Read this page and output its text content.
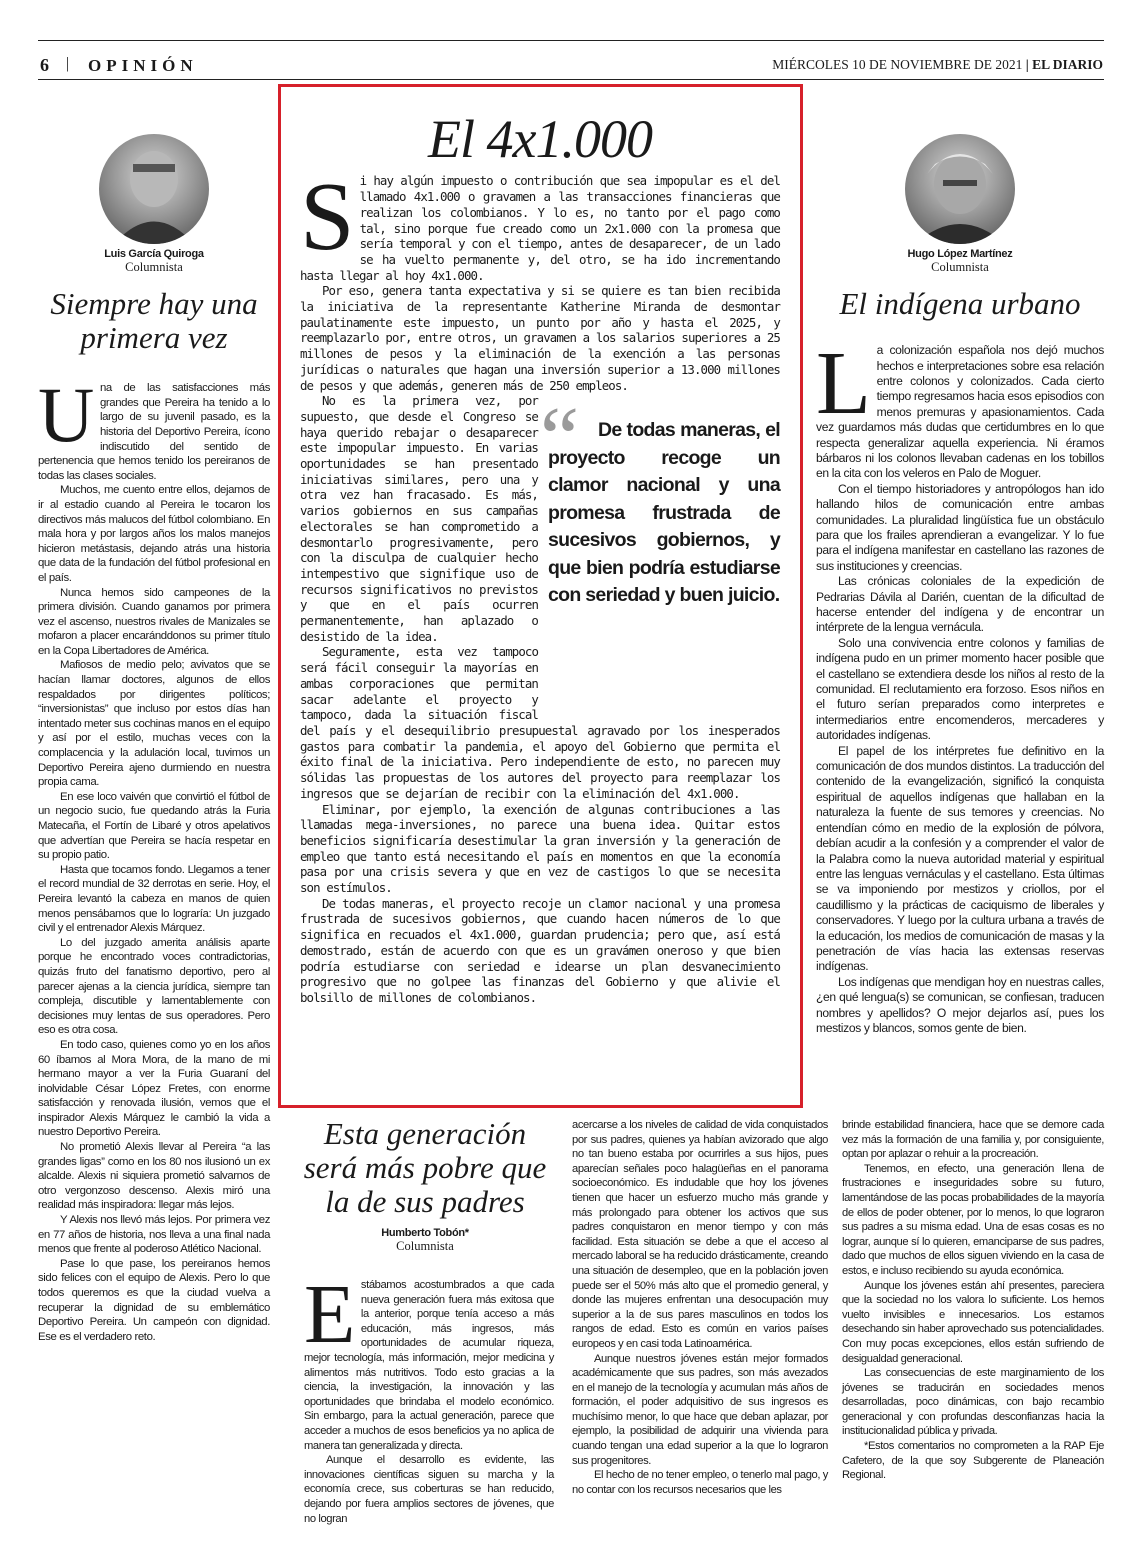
6 | OPINIÓN	MIÉRCOLES 10 DE NOVIEMBRE DE 2021 | EL DIARIO
Luis García Quiroga
Columnista
Siempre hay una primera vez

Una de las satisfacciones más grandes que Pereira ha tenido a lo largo de su juvenil pasado, es la historia del Deportivo Pereira, ícono indiscutido del sentido de pertenencia que hemos tenido los pereiranos de todas las clases sociales.

Muchos, me cuento entre ellos, dejamos de ir al estadio cuando al Pereira le tocaron los directivos más malucos del fútbol colombiano. En mala hora y por largos años los malos manejos hicieron metástasis, dejando atrás una historia que data de la fundación del fútbol profesional en el país.

Nunca hemos sido campeones de la primera división. Cuando ganamos por primera vez el ascenso, nuestros rivales de Manizales se mofaron a placer encaránddonos su primer título en la Copa Libertadores de América.

Mafiosos de medio pelo; avivatos que se hacían llamar doctores, algunos de ellos respaldados por dirigentes políticos; “inversionistas” que incluso por estos días han intentado meter sus cochinas manos en el equipo y así por el estilo, muchas veces con la complacencia y la adulación local, tuvimos un Deportivo Pereira ajeno durmiendo en nuestra propia cama.

En ese loco vaivén que convirtió el fútbol de un negocio sucio, fue quedando atrás la Furia Matecaña, el Fortín de Libaré y otros apelativos que advertían que Pereira se hacía respetar en su propio patio.

Hasta que tocamos fondo. Llegamos a tener el record mundial de 32 derrotas en serie. Hoy, el Pereira levantó la cabeza en manos de quien menos pensábamos que lo lograría: Un juzgado civil y el entrenador Alexis Márquez.

Lo del juzgado amerita análisis aparte porque he encontrado voces contradictorias, quizás fruto del fanatismo deportivo, pero al parecer ajenas a la ciencia jurídica, siempre tan compleja, discutible y lamentablemente con decisiones muy lentas de sus operadores. Pero eso es otra cosa.

En todo caso, quienes como yo en los años 60 íbamos al Mora Mora, de la mano de mi hermano mayor a ver la Furia Guaraní del inolvidable César López Fretes, con enorme satisfacción y renovada ilusión, vemos que el inspirador Alexis Márquez le cambió la vida a nuestro Deportivo Pereira.

No prometió Alexis llevar al Pereira “a las grandes ligas” como en los 80 nos ilusionó un ex alcalde. Alexis ni siquiera prometió salvarnos de otro vergonzoso descenso. Alexis miró una realidad más inspiradora: llegar más lejos.

Y Alexis nos llevó más lejos. Por primera vez en 77 años de historia, nos lleva a una final nada menos que frente al poderoso Atlético Nacional.

Pase lo que pase, los pereiranos hemos sido felices con el equipo de Alexis. Pero lo que todos queremos es que la ciudad vuelva a recuperar la dignidad de su emblemático Deportivo Pereira. Un campeón con dignidad. Ese es el verdadero reto.

El 4x1.000

Si hay algún impuesto o contribución que sea impopular es el del llamado 4x1.000 o gravamen a las transacciones financieras que realizan los colombianos. Y lo es, no tanto por el pago como tal, sino porque fue creado como un 2x1.000 con la promesa que sería temporal y con el tiempo, antes de desaparecer, de un lado se ha vuelto permanente y, del otro, se ha ido incrementando hasta llegar al hoy 4x1.000.

Por eso, genera tanta expectativa y si se quiere es tan bien recibida la iniciativa de la representante Katherine Miranda de desmontar paulatinamente este impuesto, un punto por año y hasta el 2025, y reemplazarlo por, entre otros, un gravamen a los salarios superiores a 25 millones de pesos y la eliminación de la exención a las personas jurídicas o naturales que hagan una inversión superior a 13.000 millones de pesos y que además, generen más de 250 empleos.

“	De todas maneras, el proyecto recoge un clamor nacional y una promesa frustrada de sucesivos gobiernos, y que bien podría estudiarse con seriedad y buen juicio.

No es la primera vez, por supuesto, que desde el Congreso se haya querido rebajar o desaparecer este impopular impuesto. En varias oportunidades se han presentado iniciativas similares, pero una y otra vez han fracasado. Es más, varios gobiernos en sus campañas electorales se han comprometido a desmontarlo progresivamente, pero con la disculpa de cualquier hecho intempestivo que signifique uso de recursos significativos no previstos y que en el país ocurren permanentemente, han aplazado o desistido de la idea.

Seguramente, esta vez tampoco será fácil conseguir la mayorías en ambas corporaciones que permitan sacar adelante el proyecto y tampoco, dada la situación fiscal del país y el desequilibrio presupuestal agravado por los inesperados gastos para combatir la pandemia, el apoyo del Gobierno que permita el éxito final de la iniciativa. Pero independiente de esto, no parecen muy sólidas las propuestas de los autores del proyecto para reemplazar los ingresos que se dejarían de recibir con la eliminación del 4x1.000.

Eliminar, por ejemplo, la exención de algunas contribuciones a las llamadas mega-inversiones, no parece una buena idea. Quitar estos beneficios significaría desestimular la gran inversión y la generación de empleo que tanto está necesitando el país en momentos en que la economía pasa por una crisis severa y que en vez de castigos lo que se necesita son estímulos.

De todas maneras, el proyecto recoje un clamor nacional y una promesa frustrada de sucesivos gobiernos, que cuando hacen números de lo que significa en recuados el 4x1.000, guardan prudencia; pero que, así está demostrado, están de acuerdo con que es un gravámen oneroso y que bien podría estudiarse con seriedad e idearse un plan desvanecimiento progresivo que no golpee las finanzas del Gobierno y que alivie el bolsillo de millones de colombianos.

Hugo López Martínez
Columnista
El indígena urbano

La colonización española nos dejó muchos hechos e interpretaciones sobre esa relación entre colonos y colonizados. Cada cierto tiempo regresamos hacia esos episodios con menos premuras y apasionamientos. Cada vez guardamos más dudas que certidumbres en lo que respecta generalizar aquella experiencia. Ni éramos bárbaros ni los colonos llevaban cadenas en los tobillos en la cita con los veleros en Palo de Moguer.

Con el tiempo historiadores y antropólogos han ido hallando hilos de comunicación entre ambas comunidades. La pluralidad lingüística fue un obstáculo para que los frailes aprendieran a evangelizar. Y lo fue para el indígena manifestar en castellano las razones de sus instituciones y creencias.

Las crónicas coloniales de la expedición de Pedrarias Dávila al Darién, cuentan de la dificultad de hacerse entender del indígena y de encontrar un intérprete de la lengua vernácula.

Solo una convivencia entre colonos y familias de indígena pudo en un primer momento hacer posible que el castellano se extendiera desde los niños al resto de la comunidad. El reclutamiento era forzoso. Esos niños en el futuro serían preparados como interpretes e intermediarios entre encomenderos, mercaderes y autoridades indígenas.

El papel de los intérpretes fue definitivo en la comunicación de dos mundos distintos. La traducción del contenido de la evangelización, significó la conquista espiritual de aquellos indígenas que hallaban en la naturaleza la fuente de sus temores y creencias. No entendían cómo en medio de la explosión de pólvora, debían acudir a la confesión y a comprender el valor de la Palabra como la nueva autoridad material y espiritual entre las lenguas vernáculas y el castellano. Esta últimas se va imponiendo por mestizos y criollos, por el caudillismo y la prácticas de caciquismo de liberales y conservadores. Y luego por la cultura urbana a través de la educación, los medios de comunicación de masas y la penetración de vías hacia las extensas reservas indígenas.

Los indígenas que mendigan hoy en nuestras calles, ¿en qué lengua(s) se comunican, se confiesan, traducen nombres y apellidos? O mejor dejarlos así, pues los mestizos y blancos, somos gente de bien.

Esta generación será más pobre que la de sus padres
Humberto Tobón*
Columnista

Estábamos acostumbrados a que cada nueva generación fuera más exitosa que la anterior, porque tenía acceso a más educación, más ingresos, más oportunidades de acumular riqueza, mejor tecnología, más información, mejor medicina y alimentos más nutritivos. Todo esto gracias a la ciencia, la investigación, la innovación y las oportunidades que brindaba el modelo económico. Sin embargo, para la actual generación, parece que acceder a muchos de esos beneficios ya no aplica de manera tan generalizada y directa.

Aunque el desarrollo es evidente, las innovaciones científicas siguen su marcha y la economía crece, sus coberturas se han reducido, dejando por fuera amplios sectores de jóvenes, que no logran

acercarse a los niveles de calidad de vida conquistados por sus padres, quienes ya habían avizorado que algo no tan bueno estaba por ocurrirles a sus hijos, pues aparecían señales poco halagüeñas en el panorama socioeconómico. Es indudable que hoy los jóvenes tienen que hacer un esfuerzo mucho más grande y más prolongado para obtener los activos que sus padres conquistaron en menor tiempo y con más facilidad. Esta situación se debe a que el acceso al mercado laboral se ha reducido drásticamente, creando una situación de desempleo, que en la población joven puede ser el 50% más alto que el promedio general, y donde las mujeres enfrentan una desocupación muy superior a la de sus pares masculinos en todos los rangos de edad. Esto es común en varios países europeos y en casi toda Latinoamérica.

Aunque nuestros jóvenes están mejor formados académicamente que sus padres, son más avezados en el manejo de la tecnología y acumulan más años de formación, el poder adquisitivo de sus ingresos es muchísimo menor, lo que hace que deban aplazar, por ejemplo, la posibilidad de adquirir una vivienda para cuando tengan una edad superior a la que lo lograron sus progenitores.

El hecho de no tener empleo, o tenerlo mal pago, y no contar con los recursos necesarios que les

brinde estabilidad financiera, hace que se demore cada vez más la formación de una familia y, por consiguiente, optan por aplazar o rehuir a la procreación.

Tenemos, en efecto, una generación llena de frustraciones e inseguridades sobre su futuro, lamentándose de las pocas probabilidades de la mayoría de ellos de poder obtener, por lo menos, lo que lograron sus padres a su misma edad. Una de esas cosas es no lograr, aunque sí lo quieren, emanciparse de sus padres, dado que muchos de ellos siguen viviendo en la casa de estos, e incluso recibiendo su ayuda económica.

Aunque los jóvenes están ahí presentes, pareciera que la sociedad no los valora lo suficiente. Los hemos vuelto invisibles e innecesarios. Los estamos desechando sin haber aprovechado sus potencialidades. Con muy pocas excepciones, ellos están sufriendo de desigualdad generacional.

Las consecuencias de este marginamiento de los jóvenes se traducirán en sociedades menos desarrolladas, poco dinámicas, con bajo recambio generacional y con profundas desconfianzas hacia la institucionalidad pública y privada.

*Estos comentarios no comprometen a la RAP Eje Cafetero, de la que soy Subgerente de Planeación Regional.
